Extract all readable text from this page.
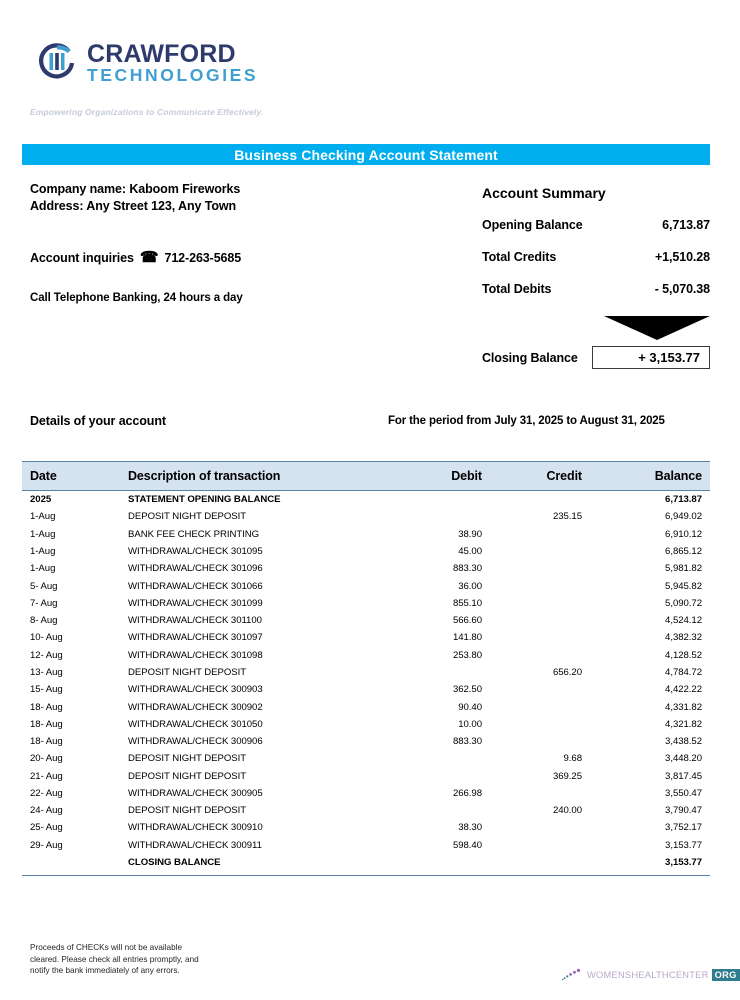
CRAWFORD
TECHNOLOGIES
Empowering Organizations to Communicate Effectively.
Business Checking Account Statement
Company name: Kaboom Fireworks
Address: Any Street 123, Any Town
Account inquiries ☎ 712-263-5685
Call Telephone Banking, 24 hours a day
Account Summary
Opening Balance	6,713.87
Total Credits	+1,510.28
Total Debits	- 5,070.38
Closing Balance	+ 3,153.77
Details of your account	For the period from July 31, 2025 to August 31, 2025
Date	Description of transaction	Debit	Credit	Balance
2025	STATEMENT OPENING BALANCE			6,713.87
1-Aug	DEPOSIT NIGHT DEPOSIT		235.15	6,949.02
1-Aug	BANK FEE CHECK PRINTING	38.90		6,910.12
1-Aug	WITHDRAWAL/CHECK 301095	45.00		6,865.12
1-Aug	WITHDRAWAL/CHECK 301096	883.30		5,981.82
5- Aug	WITHDRAWAL/CHECK 301066	36.00		5,945.82
7- Aug	WITHDRAWAL/CHECK 301099	855.10		5,090.72
8- Aug	WITHDRAWAL/CHECK 301100	566.60		4,524.12
10- Aug	WITHDRAWAL/CHECK 301097	141.80		4,382.32
12- Aug	WITHDRAWAL/CHECK 301098	253.80		4,128.52
13- Aug	DEPOSIT NIGHT DEPOSIT		656.20	4,784.72
15- Aug	WITHDRAWAL/CHECK 300903	362.50		4,422.22
18- Aug	WITHDRAWAL/CHECK 300902	90.40		4,331.82
18- Aug	WITHDRAWAL/CHECK 301050	10.00		4,321.82
18- Aug	WITHDRAWAL/CHECK 300906	883.30		3,438.52
20- Aug	DEPOSIT NIGHT DEPOSIT		9.68	3,448.20
21- Aug	DEPOSIT NIGHT DEPOSIT		369.25	3,817.45
22- Aug	WITHDRAWAL/CHECK 300905	266.98		3,550.47
24- Aug	DEPOSIT NIGHT DEPOSIT		240.00	3,790.47
25- Aug	WITHDRAWAL/CHECK 300910	38.30		3,752.17
29- Aug	WITHDRAWAL/CHECK 300911	598.40		3,153.77
	CLOSING BALANCE			3,153.77
Proceeds of CHECKs will not be available
cleared. Please check all entries promptly, and
notify the bank immediately of any errors.	WOMENSHEALTHCENTER ORG
